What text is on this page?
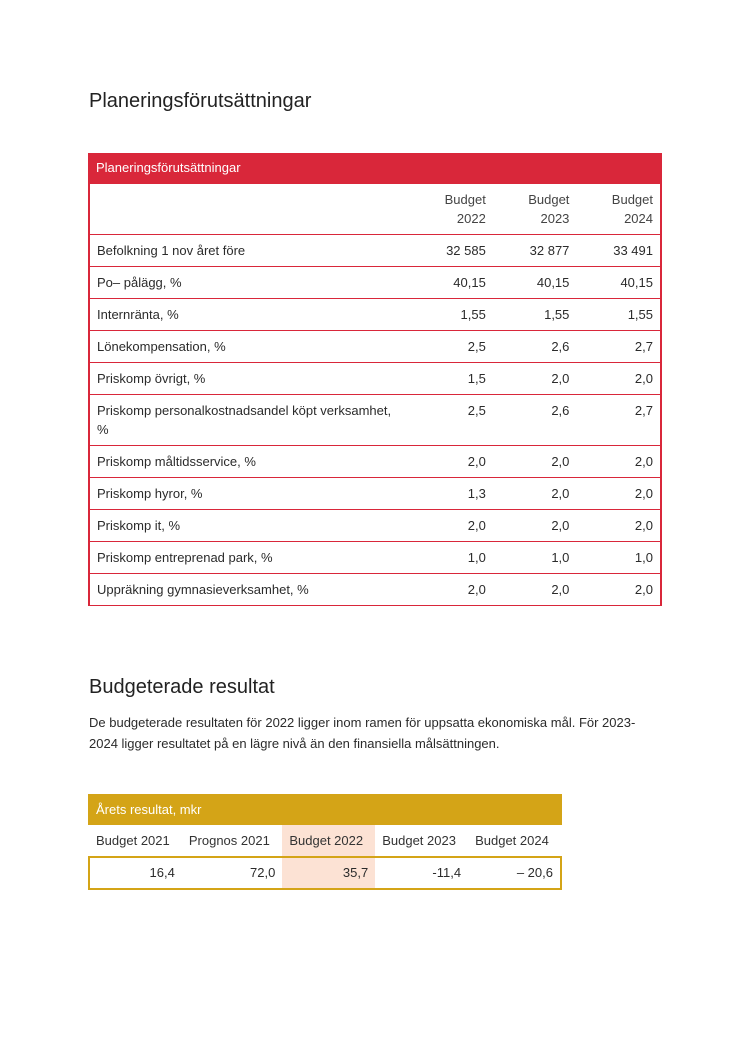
Planeringsförutsättningar
Planeringsförutsättningar
	Budget 2022	Budget 2023	Budget 2024
Befolkning 1 nov året före	32 585	32 877	33 491
Po– pålägg, %	40,15	40,15	40,15
Internränta, %	1,55	1,55	1,55
Lönekompensation, %	2,5	2,6	2,7
Priskomp övrigt, %	1,5	2,0	2,0
Priskomp personalkostnadsandel köpt verksamhet, %	2,5	2,6	2,7
Priskomp måltidsservice, %	2,0	2,0	2,0
Priskomp hyror, %	1,3	2,0	2,0
Priskomp it, %	2,0	2,0	2,0
Priskomp entreprenad park, %	1,0	1,0	1,0
Uppräkning gymnasieverksamhet, %	2,0	2,0	2,0
Budgeterade resultat

De budgeterade resultaten för 2022 ligger inom ramen för uppsatta ekonomiska mål. För 2023-2024 ligger resultatet på en lägre nivå än den finansiella målsättningen.

Årets resultat, mkr
Budget 2021	Prognos 2021	Budget 2022	Budget 2023	Budget 2024
16,4	72,0	35,7	-11,4	– 20,6
